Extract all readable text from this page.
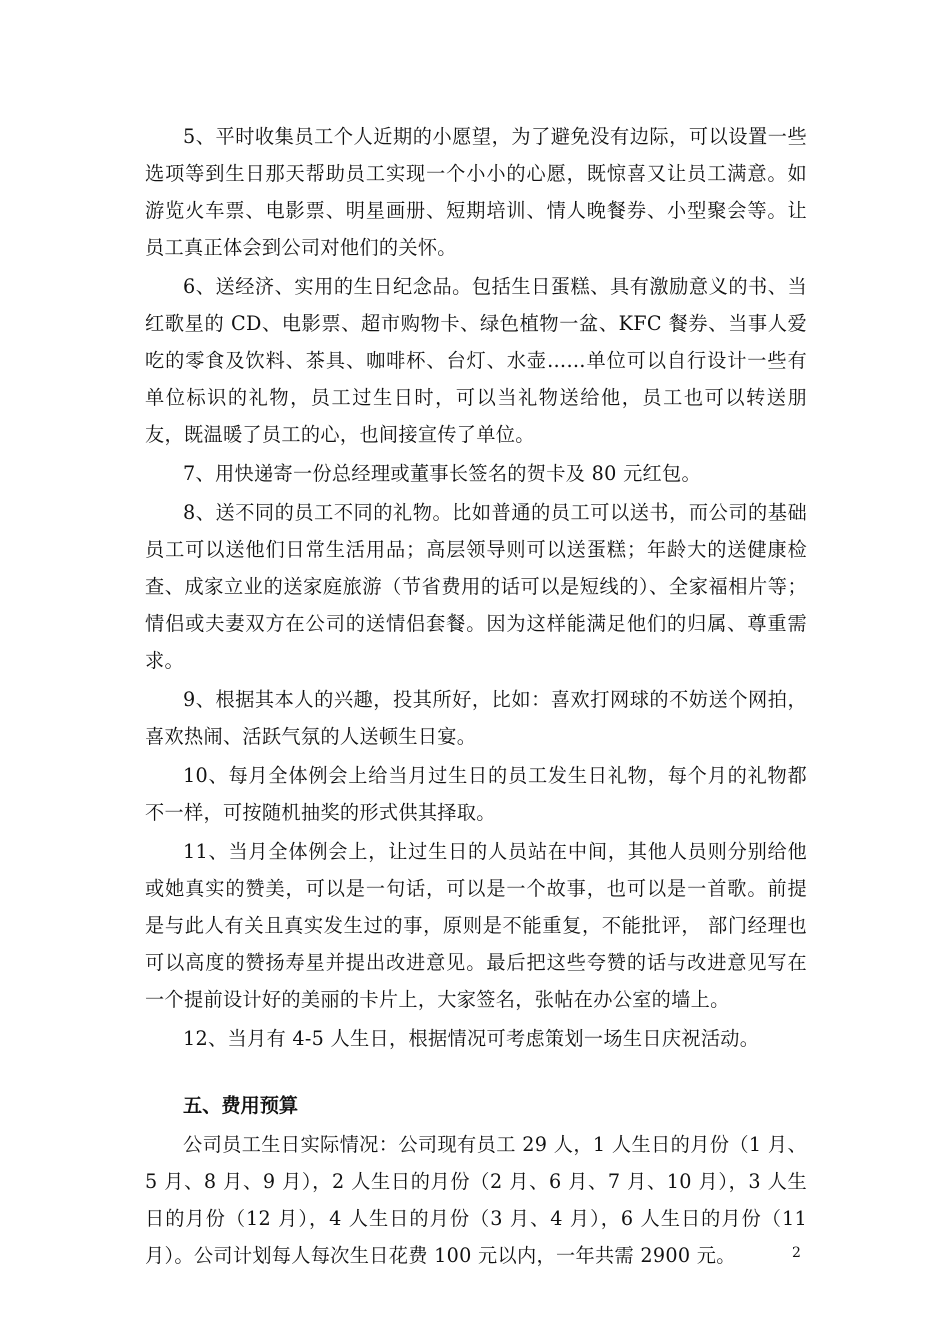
5、平时收集员工个人近期的小愿望，为了避免没有边际，可以设置一些选项等到生日那天帮助员工实现一个小小的心愿，既惊喜又让员工满意。如游览火车票、电影票、明星画册、短期培训、情人晚餐券、小型聚会等。让员工真正体会到公司对他们的关怀。

6、送经济、实用的生日纪念品。包括生日蛋糕、具有激励意义的书、当红歌星的 CD、电影票、超市购物卡、绿色植物一盆、KFC 餐券、当事人爱吃的零食及饮料、茶具、咖啡杯、台灯、水壶……单位可以自行设计一些有单位标识的礼物，员工过生日时，可以当礼物送给他，员工也可以转送朋友，既温暖了员工的心，也间接宣传了单位。

7、用快递寄一份总经理或董事长签名的贺卡及 80 元红包。

8、送不同的员工不同的礼物。比如普通的员工可以送书，而公司的基础员工可以送他们日常生活用品；高层领导则可以送蛋糕；年龄大的送健康检查、成家立业的送家庭旅游（节省费用的话可以是短线的）、全家福相片等；情侣或夫妻双方在公司的送情侣套餐。因为这样能满足他们的归属、尊重需求。

9、根据其本人的兴趣，投其所好，比如：喜欢打网球的不妨送个网拍，喜欢热闹、活跃气氛的人送顿生日宴。

10、每月全体例会上给当月过生日的员工发生日礼物，每个月的礼物都不一样，可按随机抽奖的形式供其择取。

11、当月全体例会上，让过生日的人员站在中间，其他人员则分别给他或她真实的赞美，可以是一句话，可以是一个故事，也可以是一首歌。前提是与此人有关且真实发生过的事，原则是不能重复，不能批评， 部门经理也可以高度的赞扬寿星并提出改进意见。最后把这些夸赞的话与改进意见写在一个提前设计好的美丽的卡片上，大家签名，张帖在办公室的墙上。

12、当月有 4-5 人生日，根据情况可考虑策划一场生日庆祝活动。

五、费用预算

公司员工生日实际情况：公司现有员工 29 人，1 人生日的月份（1 月、5 月、8 月、9 月），2 人生日的月份（2 月、6 月、7 月、10 月），3 人生日的月份（12 月），4 人生日的月份（3 月、4 月），6 人生日的月份（11 月）。公司计划每人每次生日花费 100 元以内，一年共需 2900 元。	2
